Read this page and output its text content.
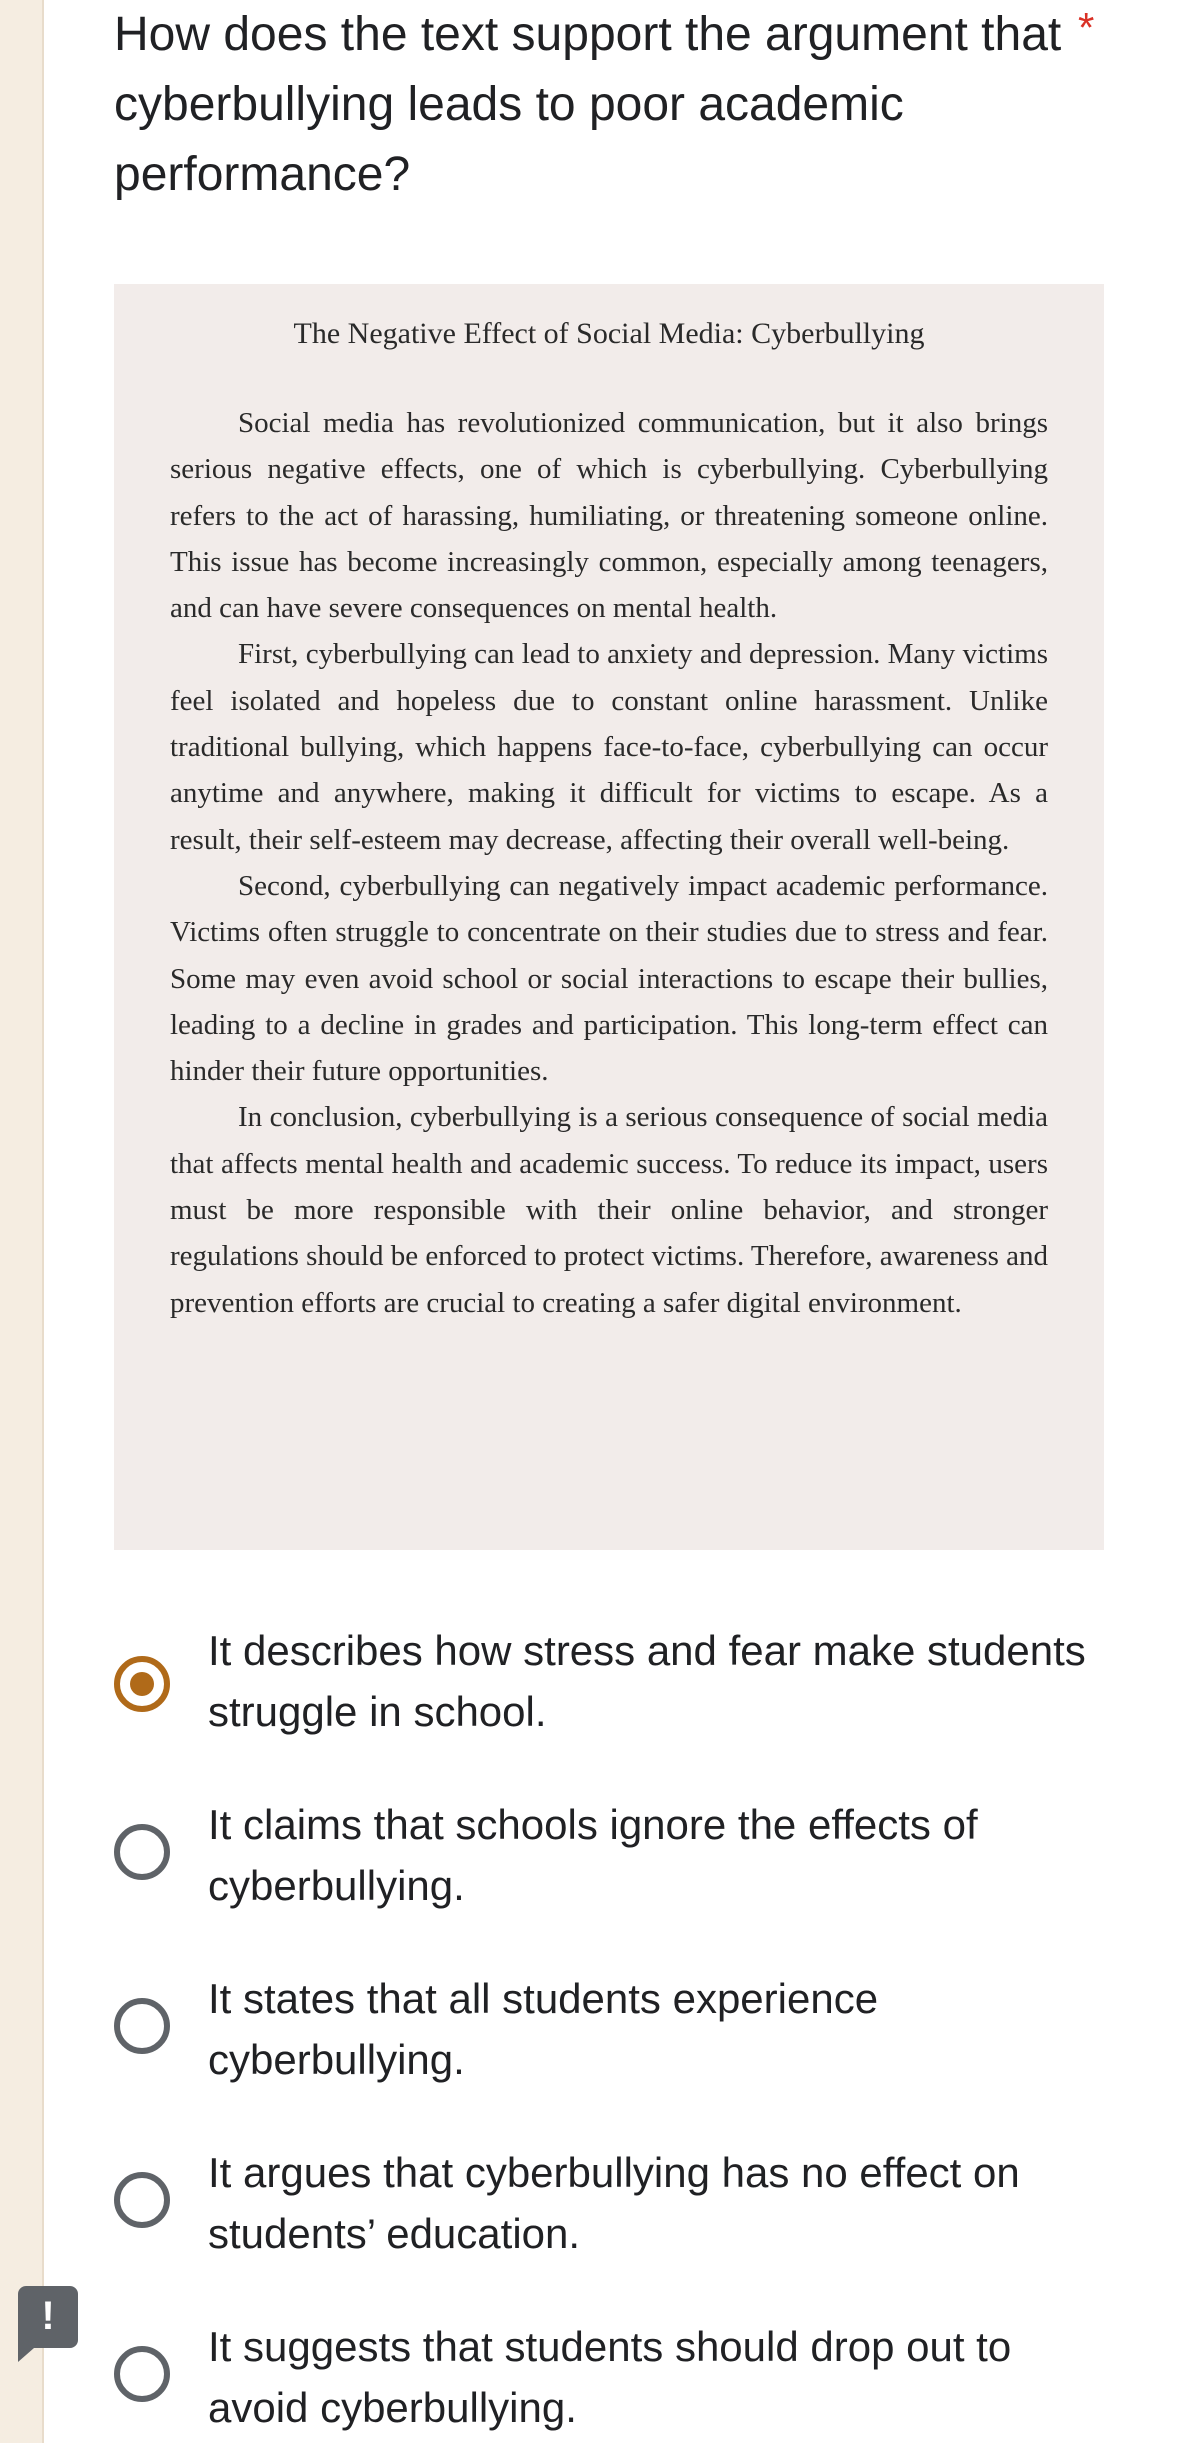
How does the text support the argument that cyberbullying leads to poor academic performance?
*
The Negative Effect of Social Media: Cyberbullying

Social media has revolutionized communication, but it also brings serious negative effects, one of which is cyberbullying. Cyberbullying refers to the act of harassing, humiliating, or threatening someone online. This issue has become increasingly common, especially among teenagers, and can have severe consequences on mental health.

First, cyberbullying can lead to anxiety and depression. Many victims feel isolated and hopeless due to constant online harassment. Unlike traditional bullying, which happens face-to-face, cyberbullying can occur anytime and anywhere, making it difficult for victims to escape. As a result, their self-esteem may decrease, affecting their overall well-being.

Second, cyberbullying can negatively impact academic performance. Victims often struggle to concentrate on their studies due to stress and fear. Some may even avoid school or social interactions to escape their bullies, leading to a decline in grades and participation. This long-term effect can hinder their future opportunities.

In conclusion, cyberbullying is a serious consequence of social media that affects mental health and academic success. To reduce its impact, users must be more responsible with their online behavior, and stronger regulations should be enforced to protect victims. Therefore, awareness and prevention efforts are crucial to creating a safer digital environment.

It describes how stress and fear make students struggle in school.
It claims that schools ignore the effects of cyberbullying.
It states that all students experience cyberbullying.
It argues that cyberbullying has no effect on students’ education.
It suggests that students should drop out to avoid cyberbullying.
!
